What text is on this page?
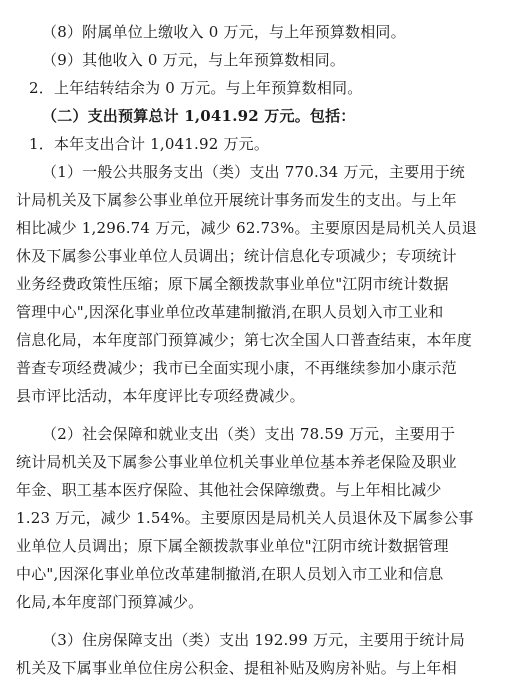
（8）附属单位上缴收入 0 万元，与上年预算数相同。
（9）其他收入 0 万元，与上年预算数相同。
2．上年结转结余为 0 万元。与上年预算数相同。
（二）支出预算总计 1,041.92 万元。包括：
1．本年支出合计 1,041.92 万元。
（1）一般公共服务支出（类）支出 770.34 万元，主要用于统
计局机关及下属参公事业单位开展统计事务而发生的支出。与上年
相比减少 1,296.74 万元，减少 62.73%。主要原因是局机关人员退
休及下属参公事业单位人员调出；统计信息化专项减少；专项统计
业务经费政策性压缩；原下属全额拨款事业单位"江阴市统计数据
管理中心",因深化事业单位改革建制撤消,在职人员划入市工业和
信息化局，本年度部门预算减少；第七次全国人口普查结束，本年度
普查专项经费减少；我市已全面实现小康，不再继续参加小康示范
县市评比活动，本年度评比专项经费减少。
（2）社会保障和就业支出（类）支出 78.59 万元，主要用于
统计局机关及下属参公事业单位机关事业单位基本养老保险及职业
年金、职工基本医疗保险、其他社会保障缴费。与上年相比减少
1.23 万元，减少 1.54%。主要原因是局机关人员退休及下属参公事
业单位人员调出；原下属全额拨款事业单位"江阴市统计数据管理
中心",因深化事业单位改革建制撤消,在职人员划入市工业和信息
化局,本年度部门预算减少。
（3）住房保障支出（类）支出 192.99 万元，主要用于统计局
机关及下属事业单位住房公积金、提租补贴及购房补贴。与上年相
